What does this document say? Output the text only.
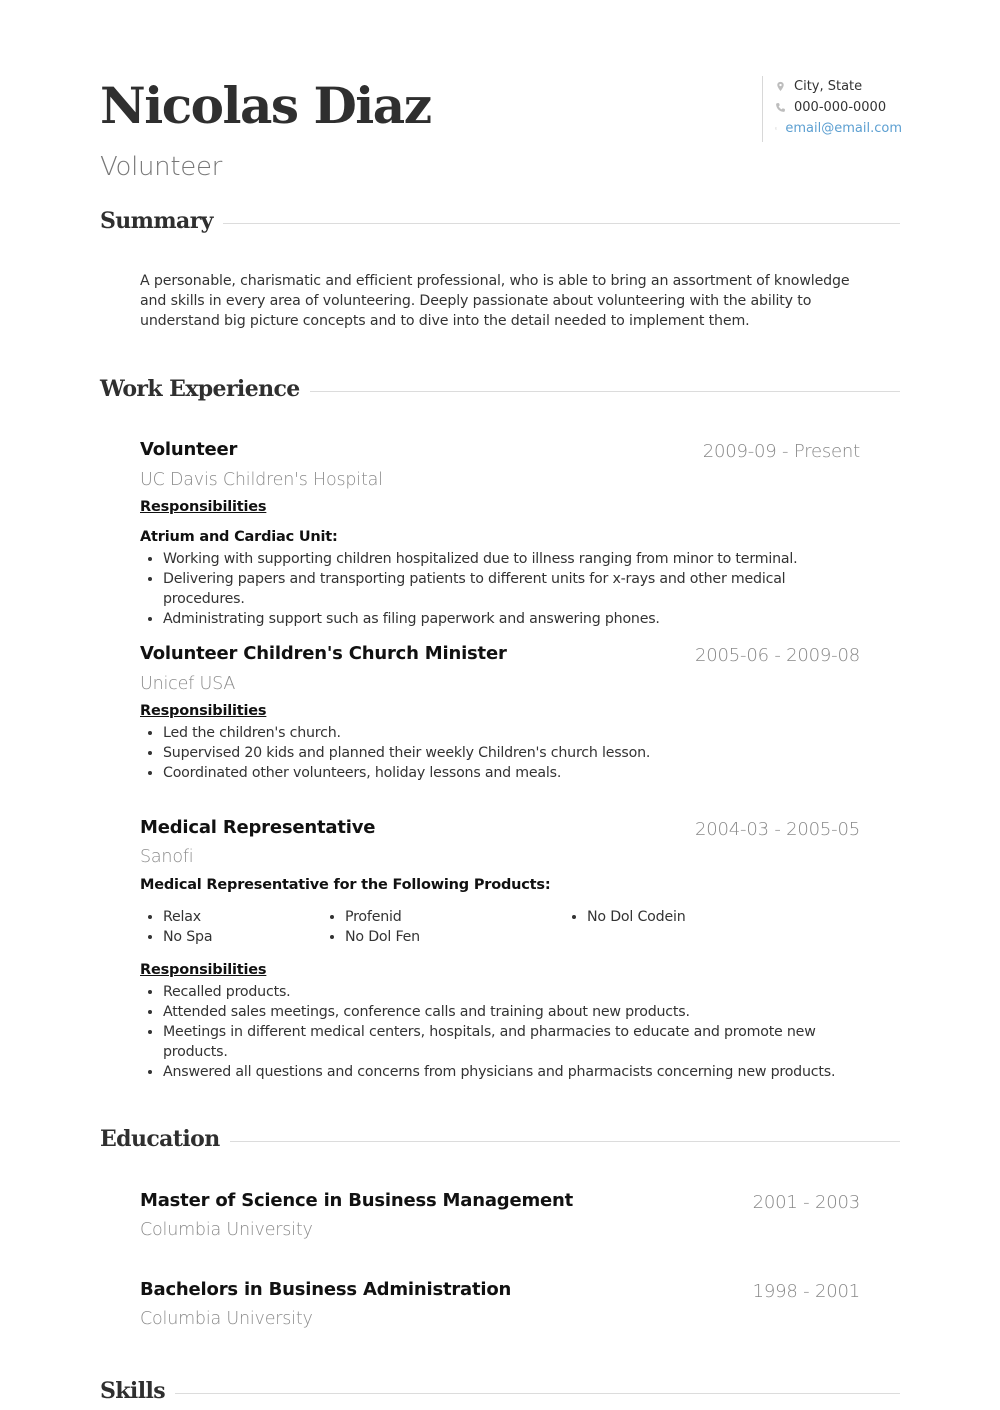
Nicolas Diaz
Volunteer
City, State
000-000-0000
email@email.com
Summary

A personable, charismatic and efficient professional, who is able to bring an assortment of knowledge and skills in every area of volunteering. Deeply passionate about volunteering with the ability to understand big picture concepts and to dive into the detail needed to implement them.

Work Experience
Volunteer	2009-09 - Present
UC Davis Children's Hospital
Responsibilities
Atrium and Cardiac Unit:
• Working with supporting children hospitalized due to illness ranging from minor to terminal.
• Delivering papers and transporting patients to different units for x-rays and other medical procedures.
• Administrating support such as filing paperwork and answering phones.
Volunteer Children's Church Minister	2005-06 - 2009-08
Unicef USA
Responsibilities
• Led the children's church.
• Supervised 20 kids and planned their weekly Children's church lesson.
• Coordinated other volunteers, holiday lessons and meals.
Medical Representative	2004-03 - 2005-05
Sanofi
Medical Representative for the Following Products:
• Relax
• No Spa
• Profenid
• No Dol Fen
• No Dol Codein
Responsibilities
• Recalled products.
• Attended sales meetings, conference calls and training about new products.
• Meetings in different medical centers, hospitals, and pharmacies to educate and promote new products.
• Answered all questions and concerns from physicians and pharmacists concerning new products.
Education
Master of Science in Business Management	2001 - 2003
Columbia University
Bachelors in Business Administration	1998 - 2001
Columbia University
Skills
